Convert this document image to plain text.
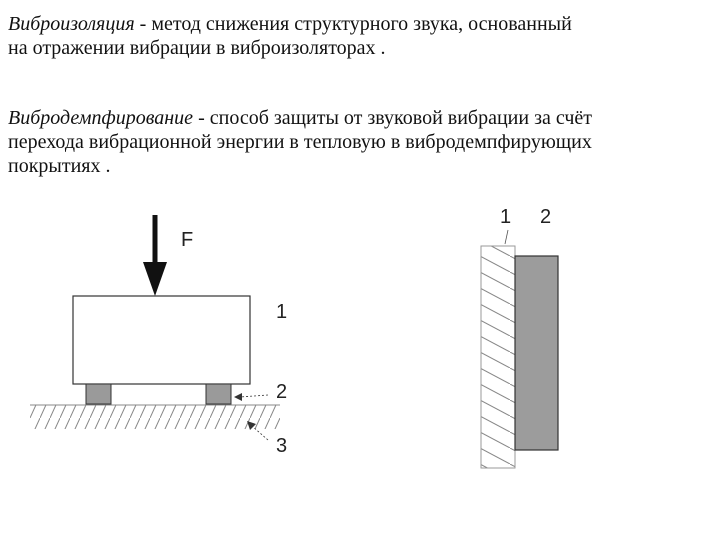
Виброизоляция - метод снижения структурного звука, основанный
на отражении вибрации в виброизоляторах .
Вибродемпфирование - способ защиты от звуковой вибрации за счёт
перехода вибрационной энергии в тепловую в вибродемпфирующих
покрытиях .
F
1
2
3
1 2
